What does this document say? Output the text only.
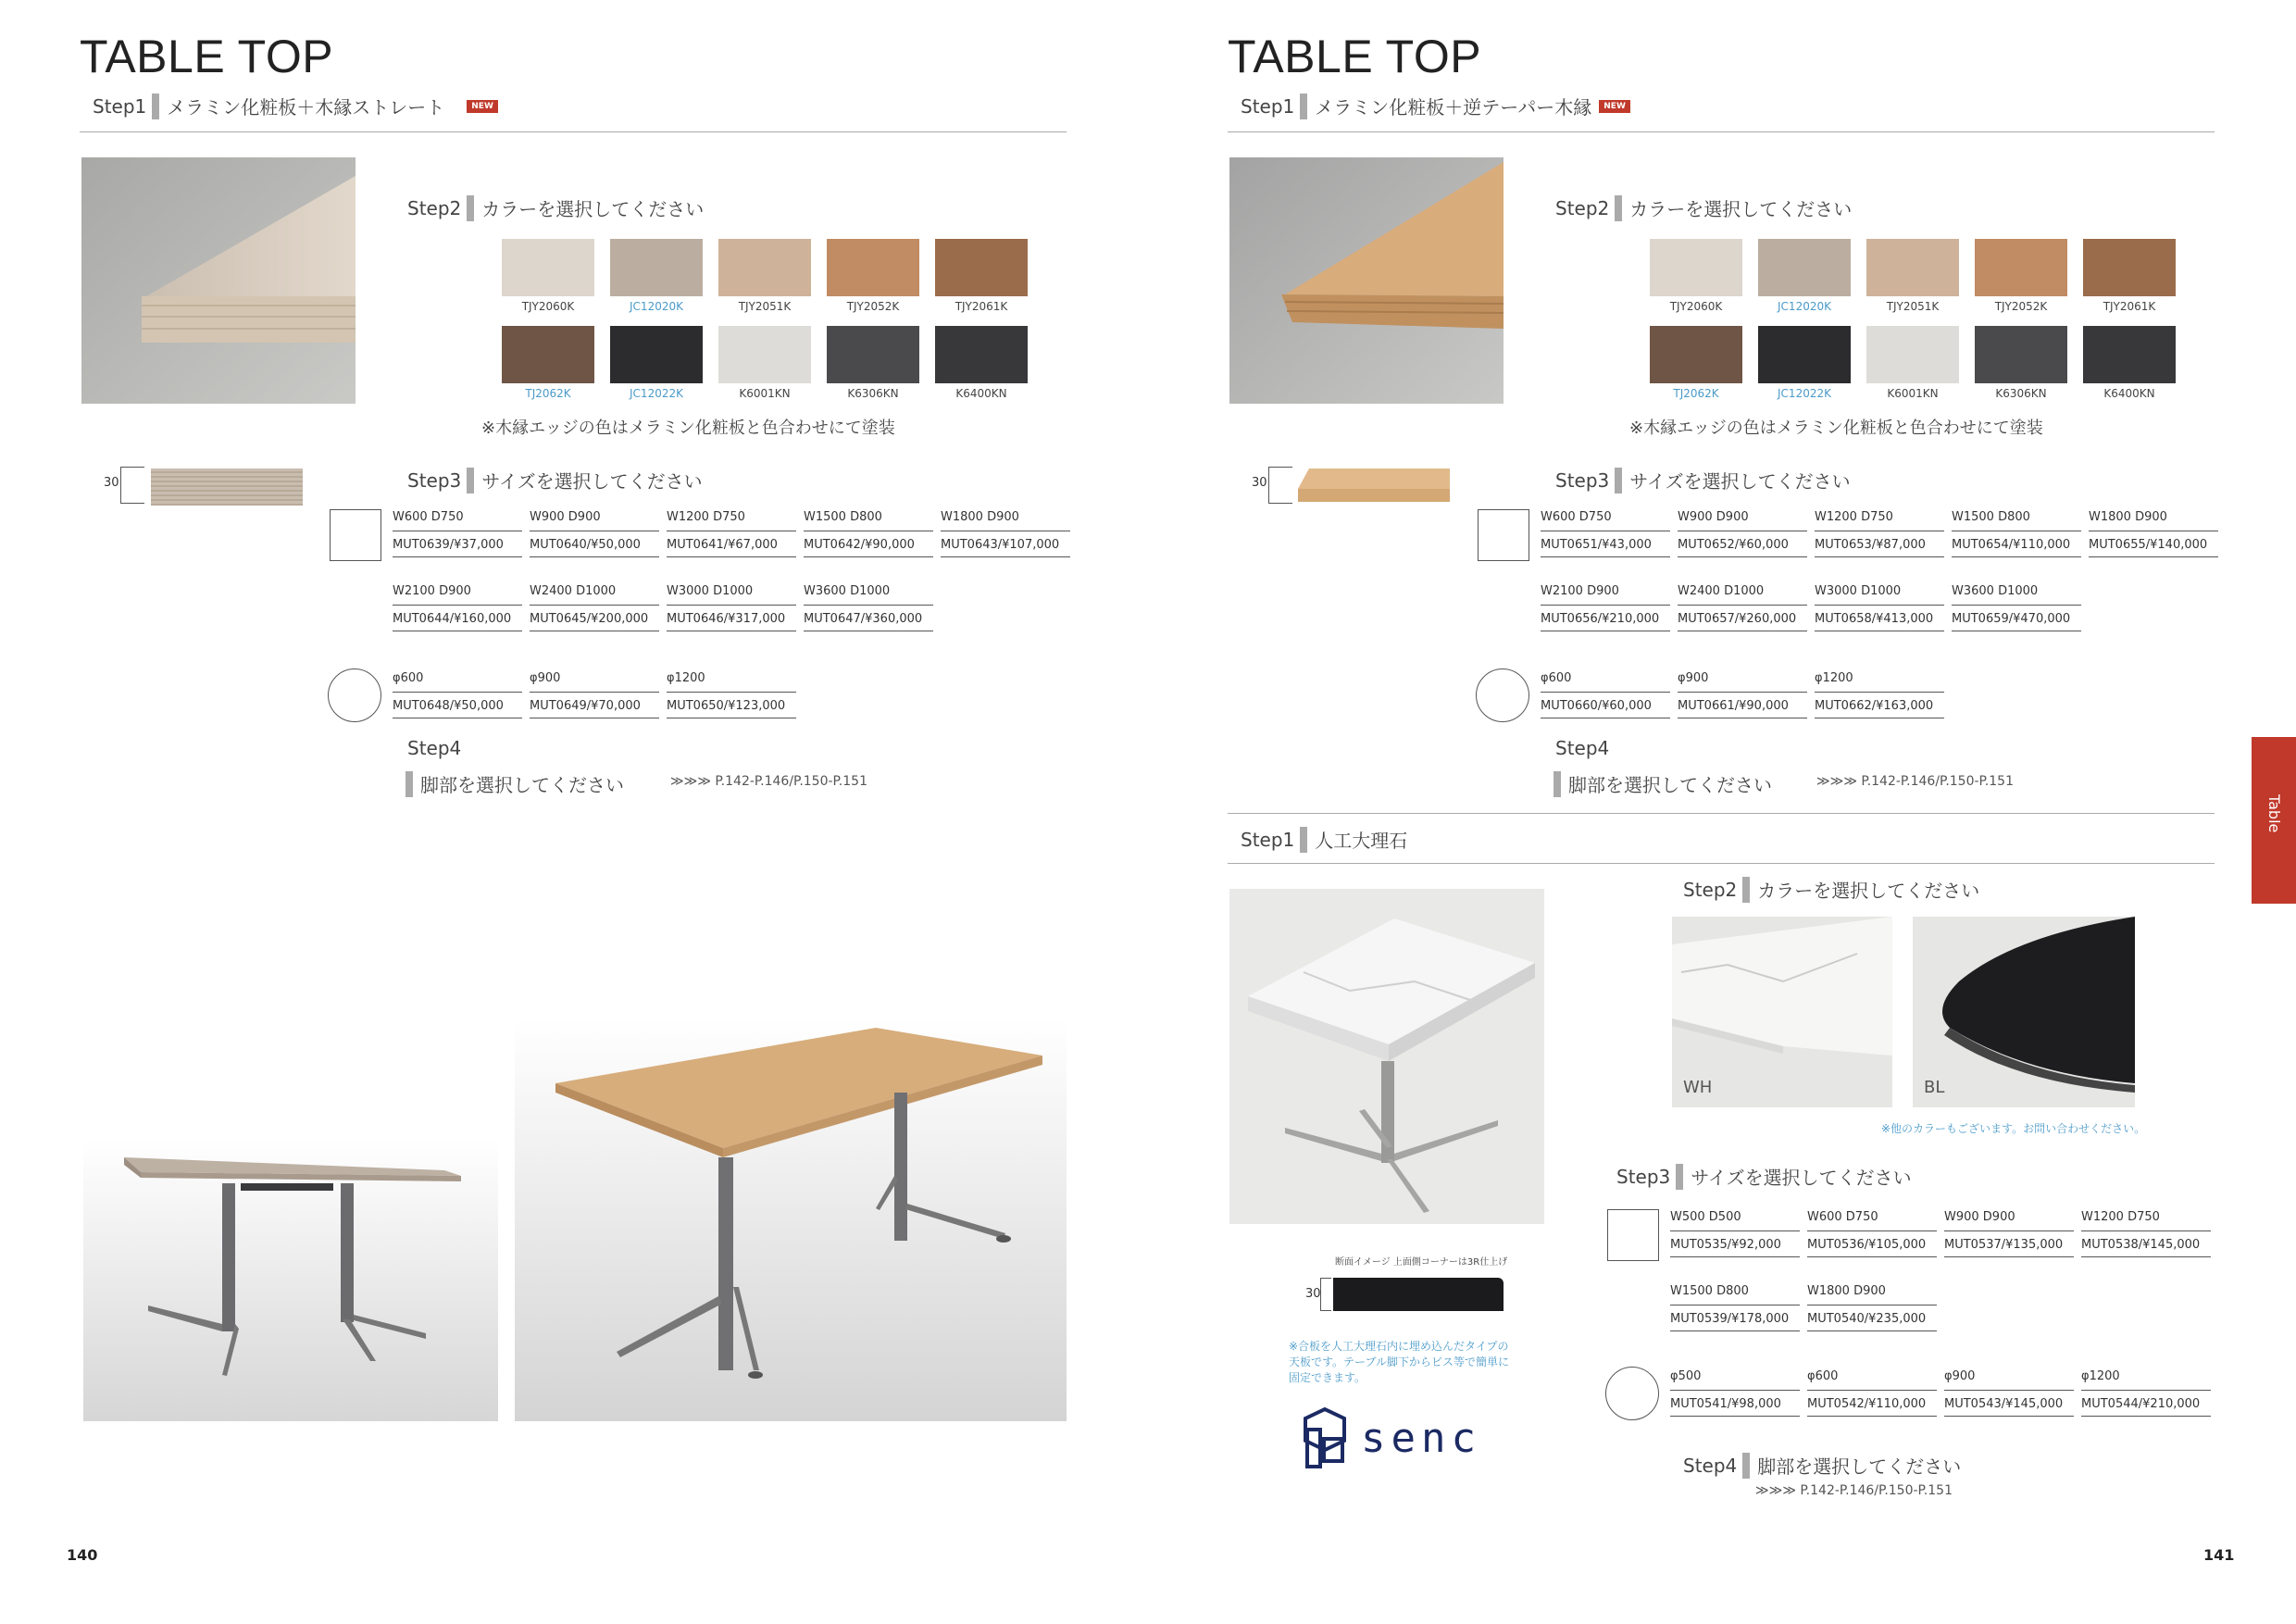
TABLE TOP
Step1 メラミン化粧板＋木縁ストレート	NEW
Step2 カラーを選択してください
TJY2060K	JC12020K	TJY2051K	TJY2052K	TJY2061K
TJ2062K	JC12022K	K6001KN	K6306KN	K6400KN
※木縁エッジの色はメラミン化粧板と色合わせにて塗装
30	Step3 サイズを選択してください
W600 D750
MUT0639/¥37,000
W900 D900
MUT0640/¥50,000
W1200 D750
MUT0641/¥67,000
W1500 D800
MUT0642/¥90,000
W1800 D900
MUT0643/¥107,000
W2100 D900
MUT0644/¥160,000
W2400 D1000
MUT0645/¥200,000
W3000 D1000
MUT0646/¥317,000
W3600 D1000
MUT0647/¥360,000
φ600
MUT0648/¥50,000
φ900
MUT0649/¥70,000
φ1200
MUT0650/¥123,000
Step4
脚部を選択してください	≫≫≫ P.142-P.146/P.150-P.151
140
TABLE TOP
Step1 メラミン化粧板＋逆テーパー木縁	NEW
Step2 カラーを選択してください
TJY2060K	JC12020K	TJY2051K	TJY2052K	TJY2061K
TJ2062K	JC12022K	K6001KN	K6306KN	K6400KN
※木縁エッジの色はメラミン化粧板と色合わせにて塗装
30	Step3 サイズを選択してください
W600 D750
MUT0651/¥43,000
W900 D900
MUT0652/¥60,000
W1200 D750
MUT0653/¥87,000
W1500 D800
MUT0654/¥110,000
W1800 D900
MUT0655/¥140,000
W2100 D900
MUT0656/¥210,000
W2400 D1000
MUT0657/¥260,000
W3000 D1000
MUT0658/¥413,000
W3600 D1000
MUT0659/¥470,000
φ600
MUT0660/¥60,000
φ900
MUT0661/¥90,000
φ1200
MUT0662/¥163,000
Step4
脚部を選択してください	≫≫≫ P.142-P.146/P.150-P.151
Step1 人工大理石
Step2 カラーを選択してください
WH	BL
※他のカラーもございます。お問い合わせください。
断面イメージ 上面側コーナーは3R仕上げ
30
※合板を人工大理石内に埋め込んだタイプの天板です。テーブル脚下からビス等で簡単に固定できます。
senc
Step3 サイズを選択してください
W500 D500
MUT0535/¥92,000
W600 D750
MUT0536/¥105,000
W900 D900
MUT0537/¥135,000
W1200 D750
MUT0538/¥145,000
W1500 D800
MUT0539/¥178,000
W1800 D900
MUT0540/¥235,000
φ500
MUT0541/¥98,000
φ600
MUT0542/¥110,000
φ900
MUT0543/¥145,000
φ1200
MUT0544/¥210,000
Step4 脚部を選択してください
≫≫≫ P.142-P.146/P.150-P.151
Table
141
